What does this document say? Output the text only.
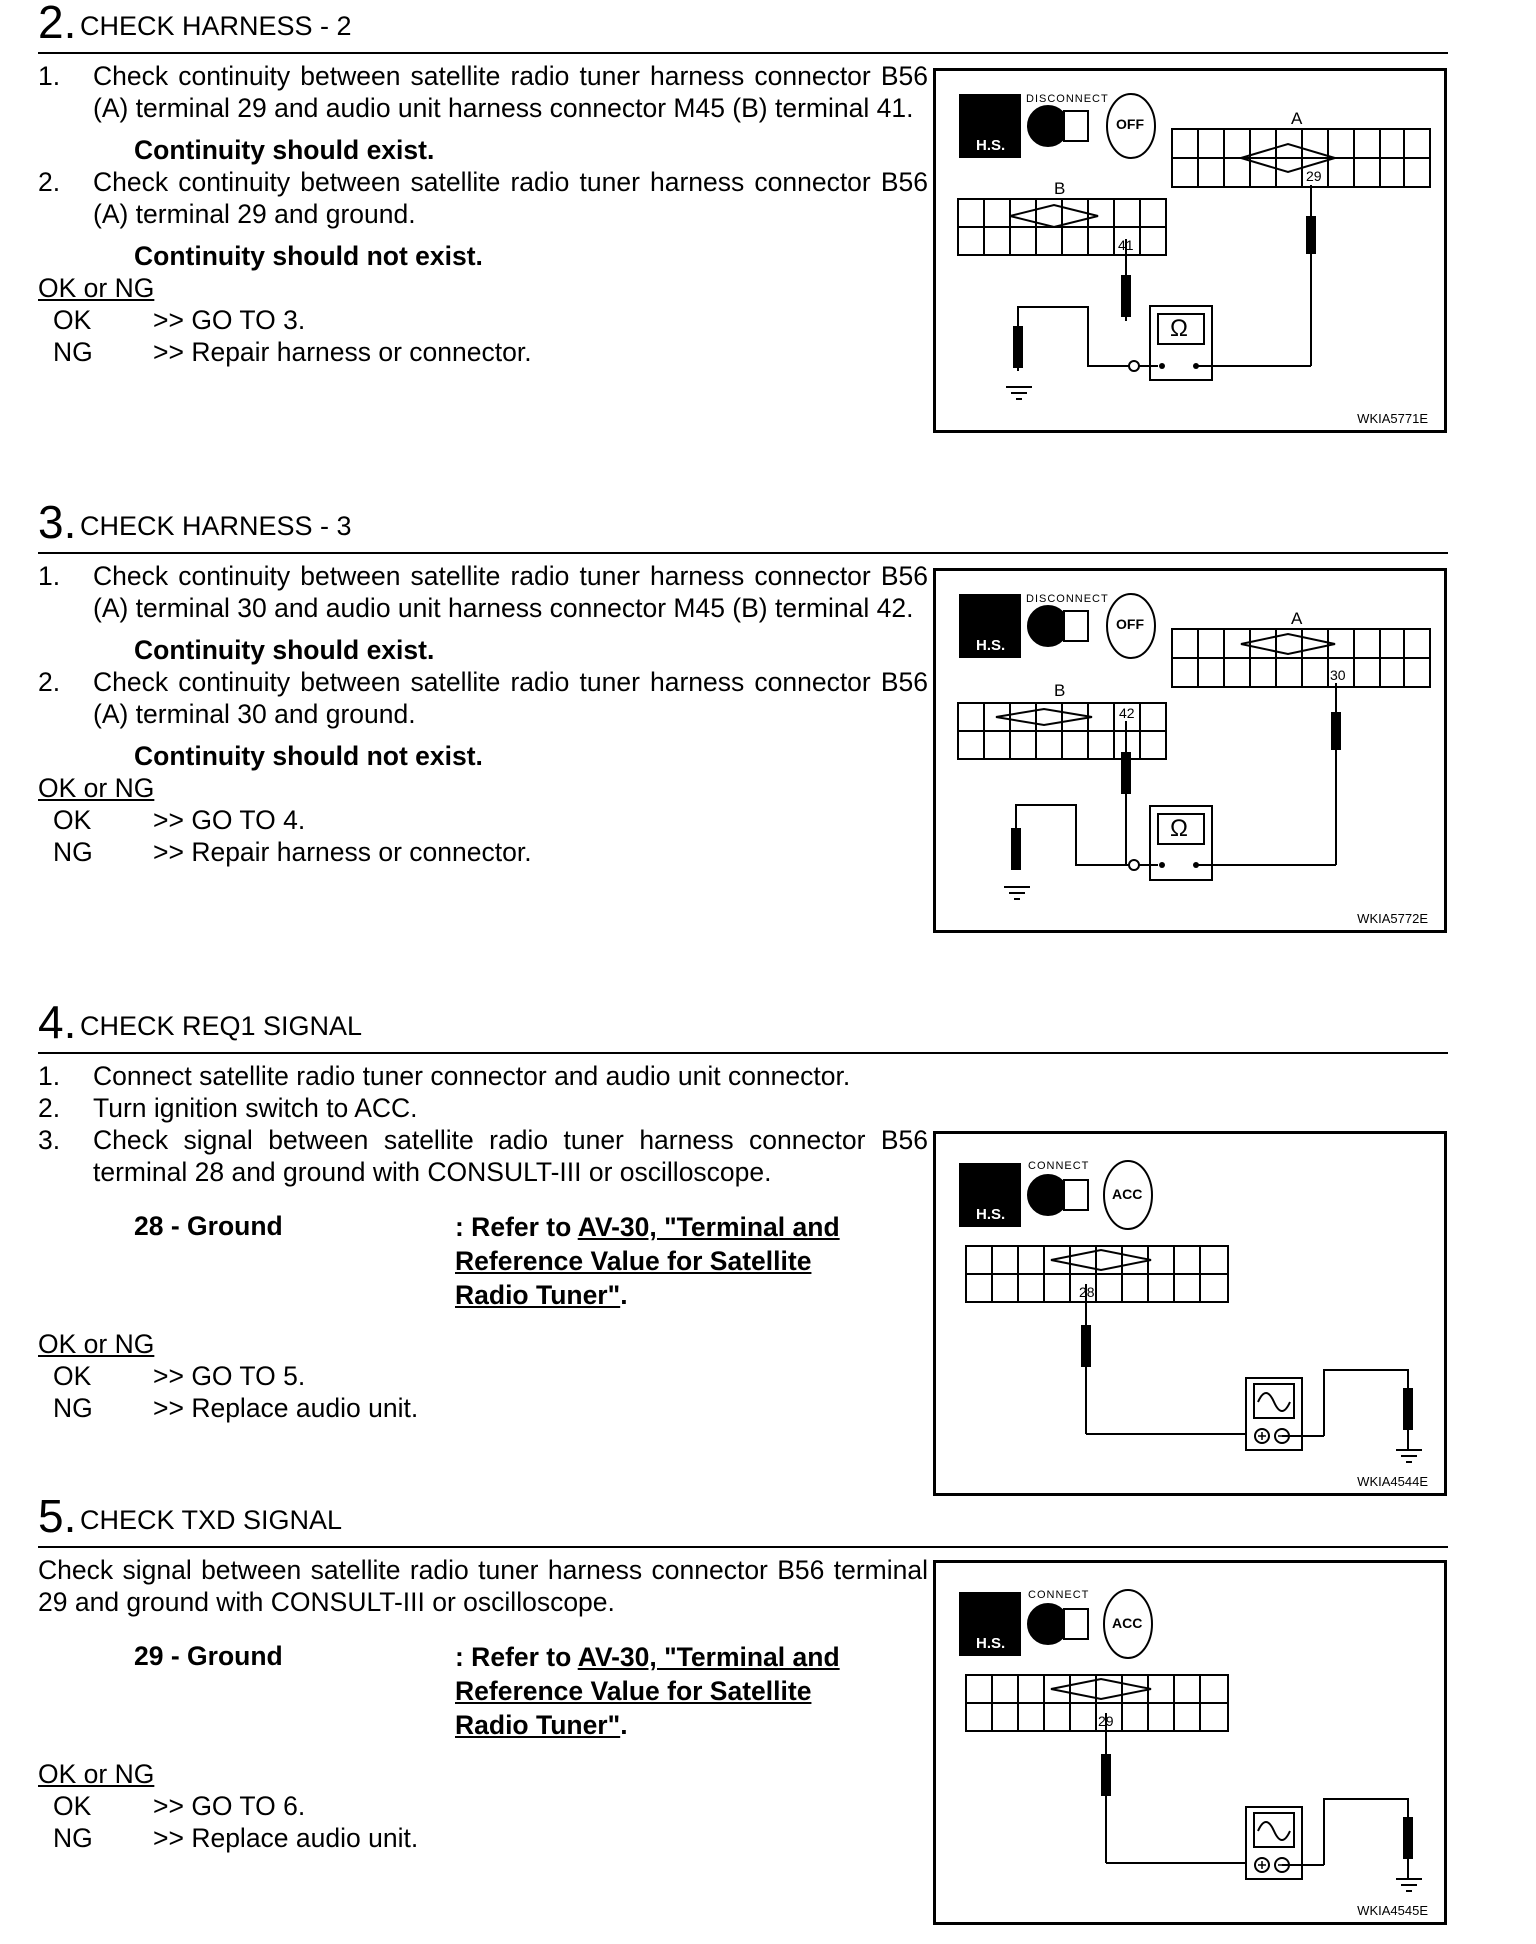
2. CHECK HARNESS - 2
1. Check continuity between satellite radio tuner harness connector B56 (A) terminal 29 and audio unit harness connector M45 (B) terminal 41.

Continuity should exist.

2. Check continuity between satellite radio tuner harness connector B56 (A) terminal 29 and ground.

Continuity should not exist.

OK or NG

OK >> GO TO 3.

NG >> Repair harness or connector.

DISCONNECT
H.S.
OFF	A
B
29
41
Ω
WKIA5771E
3. CHECK HARNESS - 3
1. Check continuity between satellite radio tuner harness connector B56 (A) terminal 30 and audio unit harness connector M45 (B) terminal 42.

Continuity should exist.

2. Check continuity between satellite radio tuner harness connector B56 (A) terminal 30 and ground.

Continuity should not exist.

OK or NG

OK >> GO TO 4.

NG >> Repair harness or connector.

DISCONNECT
H.S.
OFF	A
B
30
42
Ω
WKIA5772E
4. CHECK REQ1 SIGNAL
1. Connect satellite radio tuner connector and audio unit connector.
2. Turn ignition switch to ACC.
3. Check signal between satellite radio tuner harness connector B56 terminal 28 and ground with CONSULT-III or oscilloscope.
28 - Ground	: Refer to AV-30, "Terminal and Reference Value for Satellite Radio Tuner".

OK or NG

OK >> GO TO 5.

NG >> Replace audio unit.

CONNECT
H.S.
ACC
28
WKIA4544E
5. CHECK TXD SIGNAL

Check signal between satellite radio tuner harness connector B56 terminal 29 and ground with CONSULT-III or oscilloscope.

29 - Ground	: Refer to AV-30, "Terminal and Reference Value for Satellite Radio Tuner".

OK or NG

OK >> GO TO 6.

NG >> Replace audio unit.

CONNECT
H.S.
ACC
29
WKIA4545E
